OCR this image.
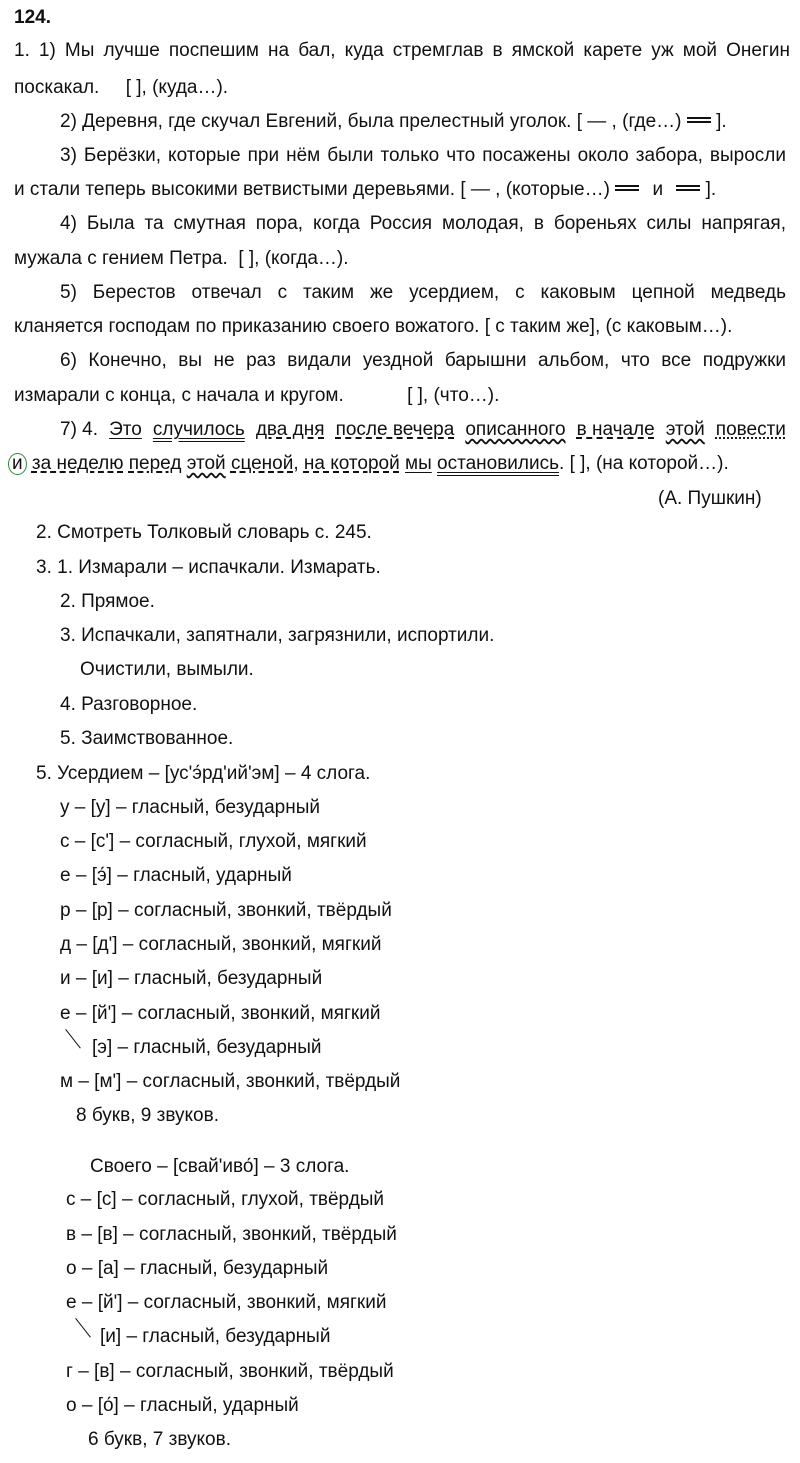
124.
1. 1) Мы лучше поспешим на бал, куда стремглав в ямской карете уж мой Онегин
поскакал.     [ ], (куда…).
2) Деревня, где скучал Евгений, была прелестный уголок. [ — , (где…) ].
3) Берёзки, которые при нём были только что посажены около забора, выросли
и стали теперь высокими ветвистыми деревьями. [ — , (которые…) и ].
4) Была та смутная пора, когда Россия молодая, в бореньях силы напрягая,
мужала с гением Петра.  [ ], (когда…).
5) Берестов отвечал с таким же усердием, с каковым цепной медведь
кланяется господам по приказанию своего вожатого. [ с таким же], (с каковым…).
6) Конечно, вы не раз видали уездной барышни альбом, что все подружки
измарали с конца, с начала и кругом.            [ ], (что…).
7) 4. Это случилось два дня после вечера описанного в начале этой повести
и за неделю перед этой сценой, на которой мы остановились. [ ], (на которой…).
(А. Пушкин)
2. Смотреть Толковый словарь с. 245.
3. 1. Измарали – испачкали. Измарать.
2. Прямое.
3. Испачкали, запятнали, загрязнили, испортили.
Очистили, вымыли.
4. Разговорное.
5. Заимствованное.
5. Усердием – [ус'э́рд'ий'эм] – 4 слога.
у – [у] – гласный, безударный
с – [с'] – согласный, глухой, мягкий
е – [э́] – гласный, ударный
р – [р] – согласный, звонкий, твёрдый
д – [д'] – согласный, звонкий, мягкий
и – [и] – гласный, безударный
е – [й'] – согласный, звонкий, мягкий
[э] – гласный, безударный
м – [м'] – согласный, звонкий, твёрдый
8 букв, 9 звуков.
Своего – [свай'иво́] – 3 слога.
с – [с] – согласный, глухой, твёрдый
в – [в] – согласный, звонкий, твёрдый
о – [а] – гласный, безударный
е – [й'] – согласный, звонкий, мягкий
[и] – гласный, безударный
г – [в] – согласный, звонкий, твёрдый
о – [о́] – гласный, ударный
6 букв, 7 звуков.
